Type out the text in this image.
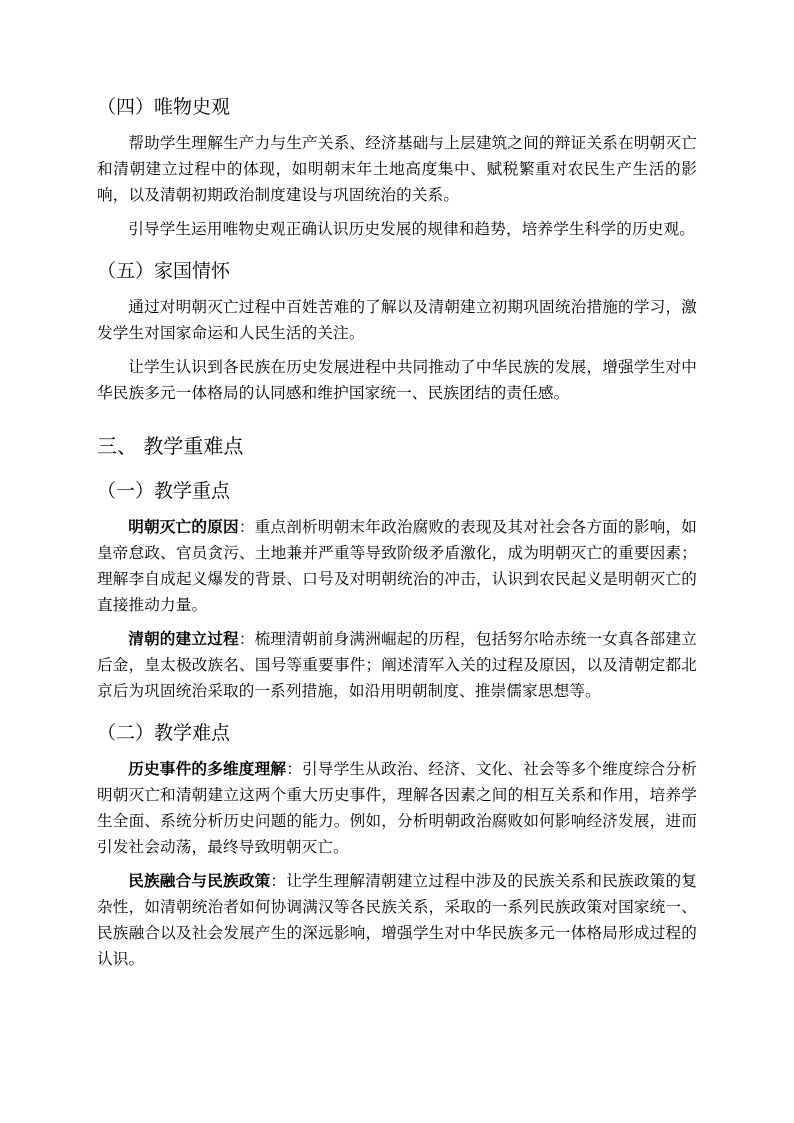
（四）唯物史观

帮助学生理解生产力与生产关系、经济基础与上层建筑之间的辩证关系在明朝灭亡和清朝建立过程中的体现，如明朝末年土地高度集中、赋税繁重对农民生产生活的影响，以及清朝初期政治制度建设与巩固统治的关系。

引导学生运用唯物史观正确认识历史发展的规律和趋势，培养学生科学的历史观。

（五）家国情怀

通过对明朝灭亡过程中百姓苦难的了解以及清朝建立初期巩固统治措施的学习，激发学生对国家命运和人民生活的关注。

让学生认识到各民族在历史发展进程中共同推动了中华民族的发展，增强学生对中华民族多元一体格局的认同感和维护国家统一、民族团结的责任感。

三、 教学重难点
（一）教学重点

明朝灭亡的原因：重点剖析明朝末年政治腐败的表现及其对社会各方面的影响，如皇帝怠政、官员贪污、土地兼并严重等导致阶级矛盾激化，成为明朝灭亡的重要因素；理解李自成起义爆发的背景、口号及对明朝统治的冲击，认识到农民起义是明朝灭亡的直接推动力量。

清朝的建立过程：梳理清朝前身满洲崛起的历程，包括努尔哈赤统一女真各部建立后金，皇太极改族名、国号等重要事件；阐述清军入关的过程及原因，以及清朝定都北京后为巩固统治采取的一系列措施，如沿用明朝制度、推崇儒家思想等。

（二）教学难点

历史事件的多维度理解：引导学生从政治、经济、文化、社会等多个维度综合分析明朝灭亡和清朝建立这两个重大历史事件，理解各因素之间的相互关系和作用，培养学生全面、系统分析历史问题的能力。例如，分析明朝政治腐败如何影响经济发展，进而引发社会动荡，最终导致明朝灭亡。

民族融合与民族政策：让学生理解清朝建立过程中涉及的民族关系和民族政策的复杂性，如清朝统治者如何协调满汉等各民族关系，采取的一系列民族政策对国家统一、民族融合以及社会发展产生的深远影响，增强学生对中华民族多元一体格局形成过程的认识。
